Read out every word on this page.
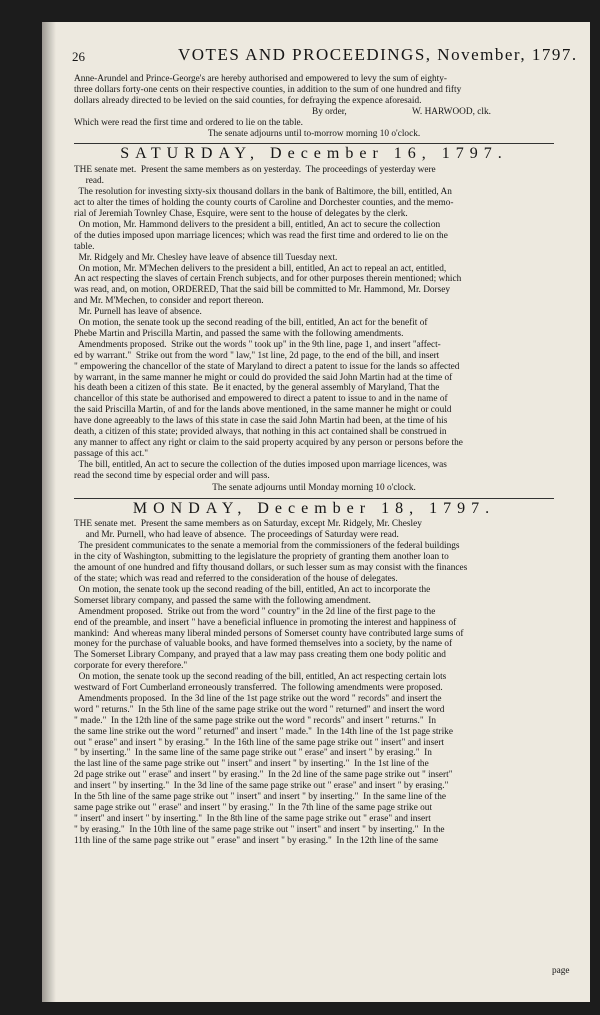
26	VOTES AND PROCEEDINGS, November, 1797.
Anne-Arundel and Prince-George's are hereby authorised and empowered to levy the sum of eighty-
three dollars forty-one cents on their respective counties, in addition to the sum of one hundred and fifty
dollars already directed to be levied on the said counties, for defraying the expence aforesaid.
By order,	W. HARWOOD, clk.
Which were read the first time and ordered to lie on the table.
The senate adjourns until to-morrow morning 10 o'clock.
SATURDAY, December 16, 1797.
THE senate met.  Present the same members as on yesterday.  The proceedings of yesterday were
read.
The resolution for investing sixty-six thousand dollars in the bank of Baltimore, the bill, entitled, An
act to alter the times of holding the county courts of Caroline and Dorchester counties, and the memo-
rial of Jeremiah Townley Chase, Esquire, were sent to the house of delegates by the clerk.
On motion, Mr. Hammond delivers to the president a bill, entitled, An act to secure the collection
of the duties imposed upon marriage licences; which was read the first time and ordered to lie on the
table.
Mr. Ridgely and Mr. Chesley have leave of absence till Tuesday next.
On motion, Mr. M'Mechen delivers to the president a bill, entitled, An act to repeal an act, entitled,
An act respecting the slaves of certain French subjects, and for other purposes therein mentioned; which
was read, and, on motion, ORDERED, That the said bill be committed to Mr. Hammond, Mr. Dorsey
and Mr. M'Mechen, to consider and report thereon.
Mr. Purnell has leave of absence.
On motion, the senate took up the second reading of the bill, entitled, An act for the benefit of
Phebe Martin and Priscilla Martin, and passed the same with the following amendments.
Amendments proposed.  Strike out the words " took up" in the 9th line, page 1, and insert "affect-
ed by warrant."  Strike out from the word " law," 1st line, 2d page, to the end of the bill, and insert
" empowering the chancellor of the state of Maryland to direct a patent to issue for the lands so affected
by warrant, in the same manner he might or could do provided the said John Martin had at the time of
his death been a citizen of this state.  Be it enacted, by the general assembly of Maryland, That the
chancellor of this state be authorised and empowered to direct a patent to issue to and in the name of
the said Priscilla Martin, of and for the lands above mentioned, in the same manner he might or could
have done agreeably to the laws of this state in case the said John Martin had been, at the time of his
death, a citizen of this state; provided always, that nothing in this act contained shall be construed in
any manner to affect any right or claim to the said property acquired by any person or persons before the
passage of this act."
The bill, entitled, An act to secure the collection of the duties imposed upon marriage licences, was
read the second time by especial order and will pass.
The senate adjourns until Monday morning 10 o'clock.
MONDAY, December 18, 1797.
THE senate met.  Present the same members as on Saturday, except Mr. Ridgely, Mr. Chesley
and Mr. Purnell, who had leave of absence.  The proceedings of Saturday were read.
The president communicates to the senate a memorial from the commissioners of the federal buildings
in the city of Washington, submitting to the legislature the propriety of granting them another loan to
the amount of one hundred and fifty thousand dollars, or such lesser sum as may consist with the finances
of the state; which was read and referred to the consideration of the house of delegates.
On motion, the senate took up the second reading of the bill, entitled, An act to incorporate the
Somerset library company, and passed the same with the following amendment.
Amendment proposed.  Strike out from the word " country" in the 2d line of the first page to the
end of the preamble, and insert " have a beneficial influence in promoting the interest and happiness of
mankind:  And whereas many liberal minded persons of Somerset county have contributed large sums of
money for the purchase of valuable books, and have formed themselves into a society, by the name of
The Somerset Library Company, and prayed that a law may pass creating them one body politic and
corporate for every therefore."
On motion, the senate took up the second reading of the bill, entitled, An act respecting certain lots
westward of Fort Cumberland erroneously transferred.  The following amendments were proposed.
Amendments proposed.  In the 3d line of the 1st page strike out the word " records" and insert the
word " returns."  In the 5th line of the same page strike out the word " returned" and insert the word
" made."  In the 12th line of the same page strike out the word " records" and insert " returns."  In
the same line strike out the word " returned" and insert " made."  In the 14th line of the 1st page strike
out " erase" and insert " by erasing."  In the 16th line of the same page strike out " insert" and insert
" by inserting."  In the same line of the same page strike out " erase" and insert " by erasing."  In
the last line of the same page strike out " insert" and insert " by inserting."  In the 1st line of the
2d page strike out " erase" and insert " by erasing."  In the 2d line of the same page strike out " insert"
and insert " by inserting."  In the 3d line of the same page strike out " erase" and insert " by erasing."
In the 5th line of the same page strike out " insert" and insert " by inserting."  In the same line of the
same page strike out " erase" and insert " by erasing."  In the 7th line of the same page strike out
" insert" and insert " by inserting."  In the 8th line of the same page strike out " erase" and insert
" by erasing."  In the 10th line of the same page strike out " insert" and insert " by inserting."  In the
11th line of the same page strike out " erase" and insert " by erasing."  In the 12th line of the same
page
